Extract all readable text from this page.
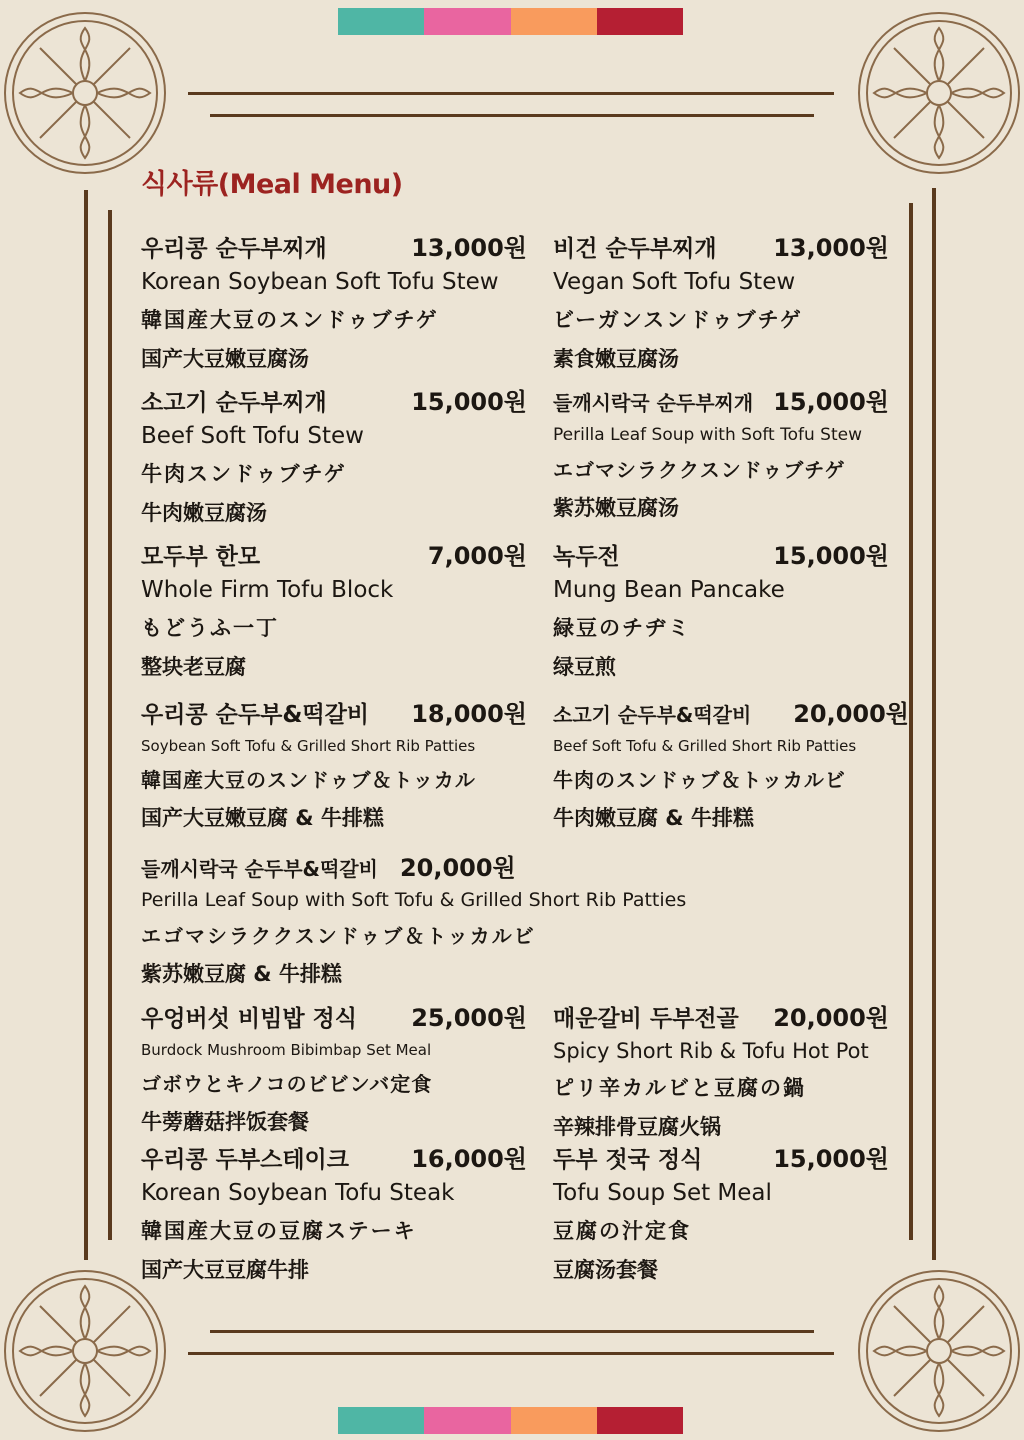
식사류(Meal Menu)
우리콩 순두부찌개	13,000원
Korean Soybean Soft Tofu Stew
韓国産大豆のスンドゥブチゲ
国产大豆嫩豆腐汤
비건 순두부찌개 13,000원
Vegan Soft Tofu Stew
ビーガンスンドゥブチゲ
素食嫩豆腐汤
소고기 순두부찌개	15,000원
Beef Soft Tofu Stew
牛肉スンドゥブチゲ
牛肉嫩豆腐汤
들깨시락국 순두부찌개 15,000원
Perilla Leaf Soup with Soft Tofu Stew
エゴマシラククスンドゥブチゲ
紫苏嫩豆腐汤
모두부 한모	7,000원
Whole Firm Tofu Block
もどうふ一丁
整块老豆腐
녹두전	15,000원
Mung Bean Pancake
緑豆のチヂミ
绿豆煎
우리콩 순두부&떡갈비 18,000원
Soybean Soft Tofu & Grilled Short Rib Patties
韓国産大豆のスンドゥブ＆トッカル
国产大豆嫩豆腐 & 牛排糕
소고기 순두부&떡갈비 20,000원
Beef Soft Tofu & Grilled Short Rib Patties
牛肉のスンドゥブ＆トッカルビ
牛肉嫩豆腐 & 牛排糕
들깨시락국 순두부&떡갈비 20,000원
Perilla Leaf Soup with Soft Tofu & Grilled Short Rib Patties
エゴマシラククスンドゥブ＆トッカルビ
紫苏嫩豆腐 & 牛排糕
우엉버섯 비빔밥 정식 25,000원
Burdock Mushroom Bibimbap Set Meal
ゴボウとキノコのビビンバ定食
牛蒡蘑菇拌饭套餐
매운갈비 두부전골 20,000원
Spicy Short Rib & Tofu Hot Pot
ピリ辛カルビと豆腐の鍋
辛辣排骨豆腐火锅
우리콩 두부스테이크	16,000원
Korean Soybean Tofu Steak
韓国産大豆の豆腐ステーキ
国产大豆豆腐牛排
두부 젓국 정식	15,000원
Tofu Soup Set Meal
豆腐の汁定食
豆腐汤套餐
